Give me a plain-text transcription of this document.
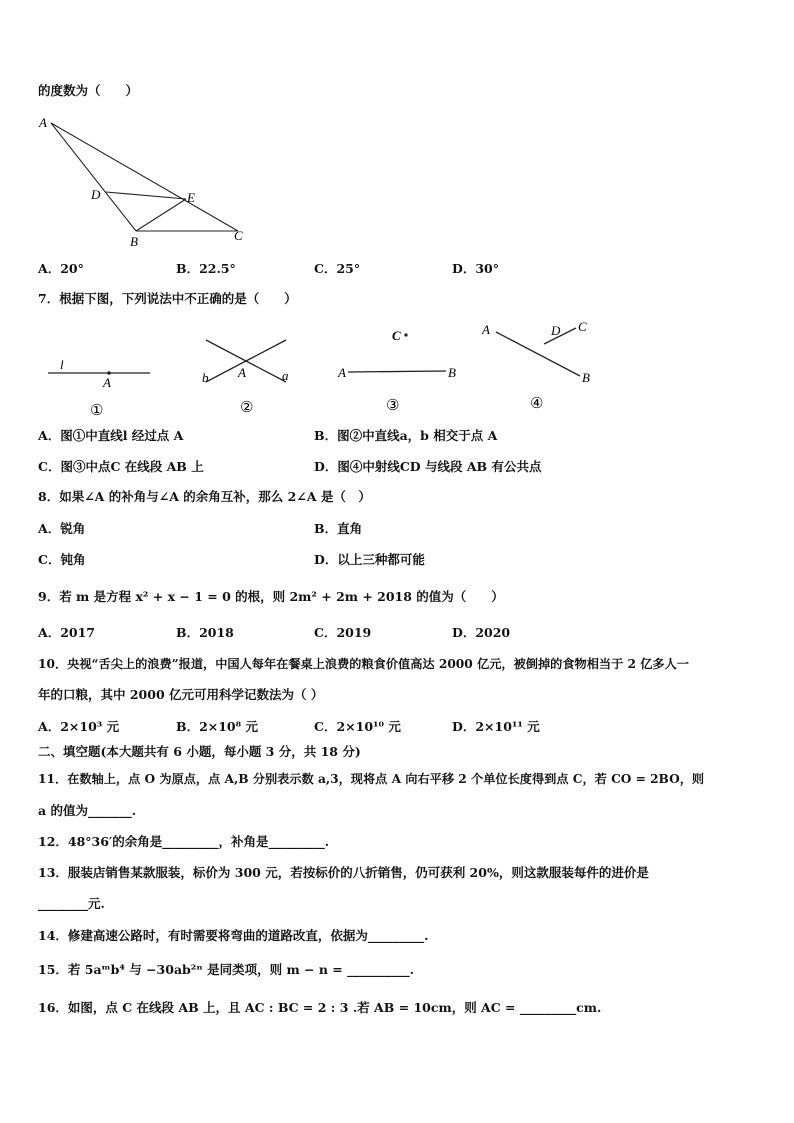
的度数为（　　）
A
D	E
B	C
A．20°	B．22.5°	C．25°	D．30°
7．根据下图，下列说法中不正确的是（　　）
l
A
①
b A	a
②
C
A	B
③
A	D C
B
④
A．图①中直线l 经过点 A	B．图②中直线a，b 相交于点 A
C．图③中点C 在线段 AB 上	D．图④中射线CD 与线段 AB 有公共点
8．如果∠A 的补角与∠A 的余角互补，那么 2∠A 是（　）
A．锐角	B．直角
C．钝角	D．以上三种都可能
9．若 m 是方程 x² + x − 1 = 0 的根，则 2m² + 2m + 2018 的值为（　　）
A．2017	B．2018	C．2019	D．2020
10．央视“舌尖上的浪费”报道，中国人每年在餐桌上浪费的粮食价值高达 2000 亿元，被倒掉的食物相当于 2 亿多人一
年的口粮，其中 2000 亿元可用科学记数法为（ ）
A．2×10³ 元	B．2×10⁸ 元	C．2×10¹⁰ 元	D．2×10¹¹ 元
二、填空题(本大题共有 6 小题，每小题 3 分，共 18 分)
11．在数轴上，点 O 为原点，点 A,B 分别表示数 a,3，现将点 A 向右平移 2 个单位长度得到点 C，若 CO = 2BO，则
a 的值为_______.
12．48°36′的余角是_________，补角是_________.
13．服装店销售某款服装，标价为 300 元，若按标价的八折销售，仍可获利 20%，则这款服装每件的进价是
________元.
14．修建高速公路时，有时需要将弯曲的道路改直，依据为_________.
15．若 5aᵐb⁴ 与 −30ab²ⁿ 是同类项，则 m − n = __________.
16．如图，点 C 在线段 AB 上，且 AC : BC = 2 : 3 .若 AB = 10cm，则 AC = _________cm.
